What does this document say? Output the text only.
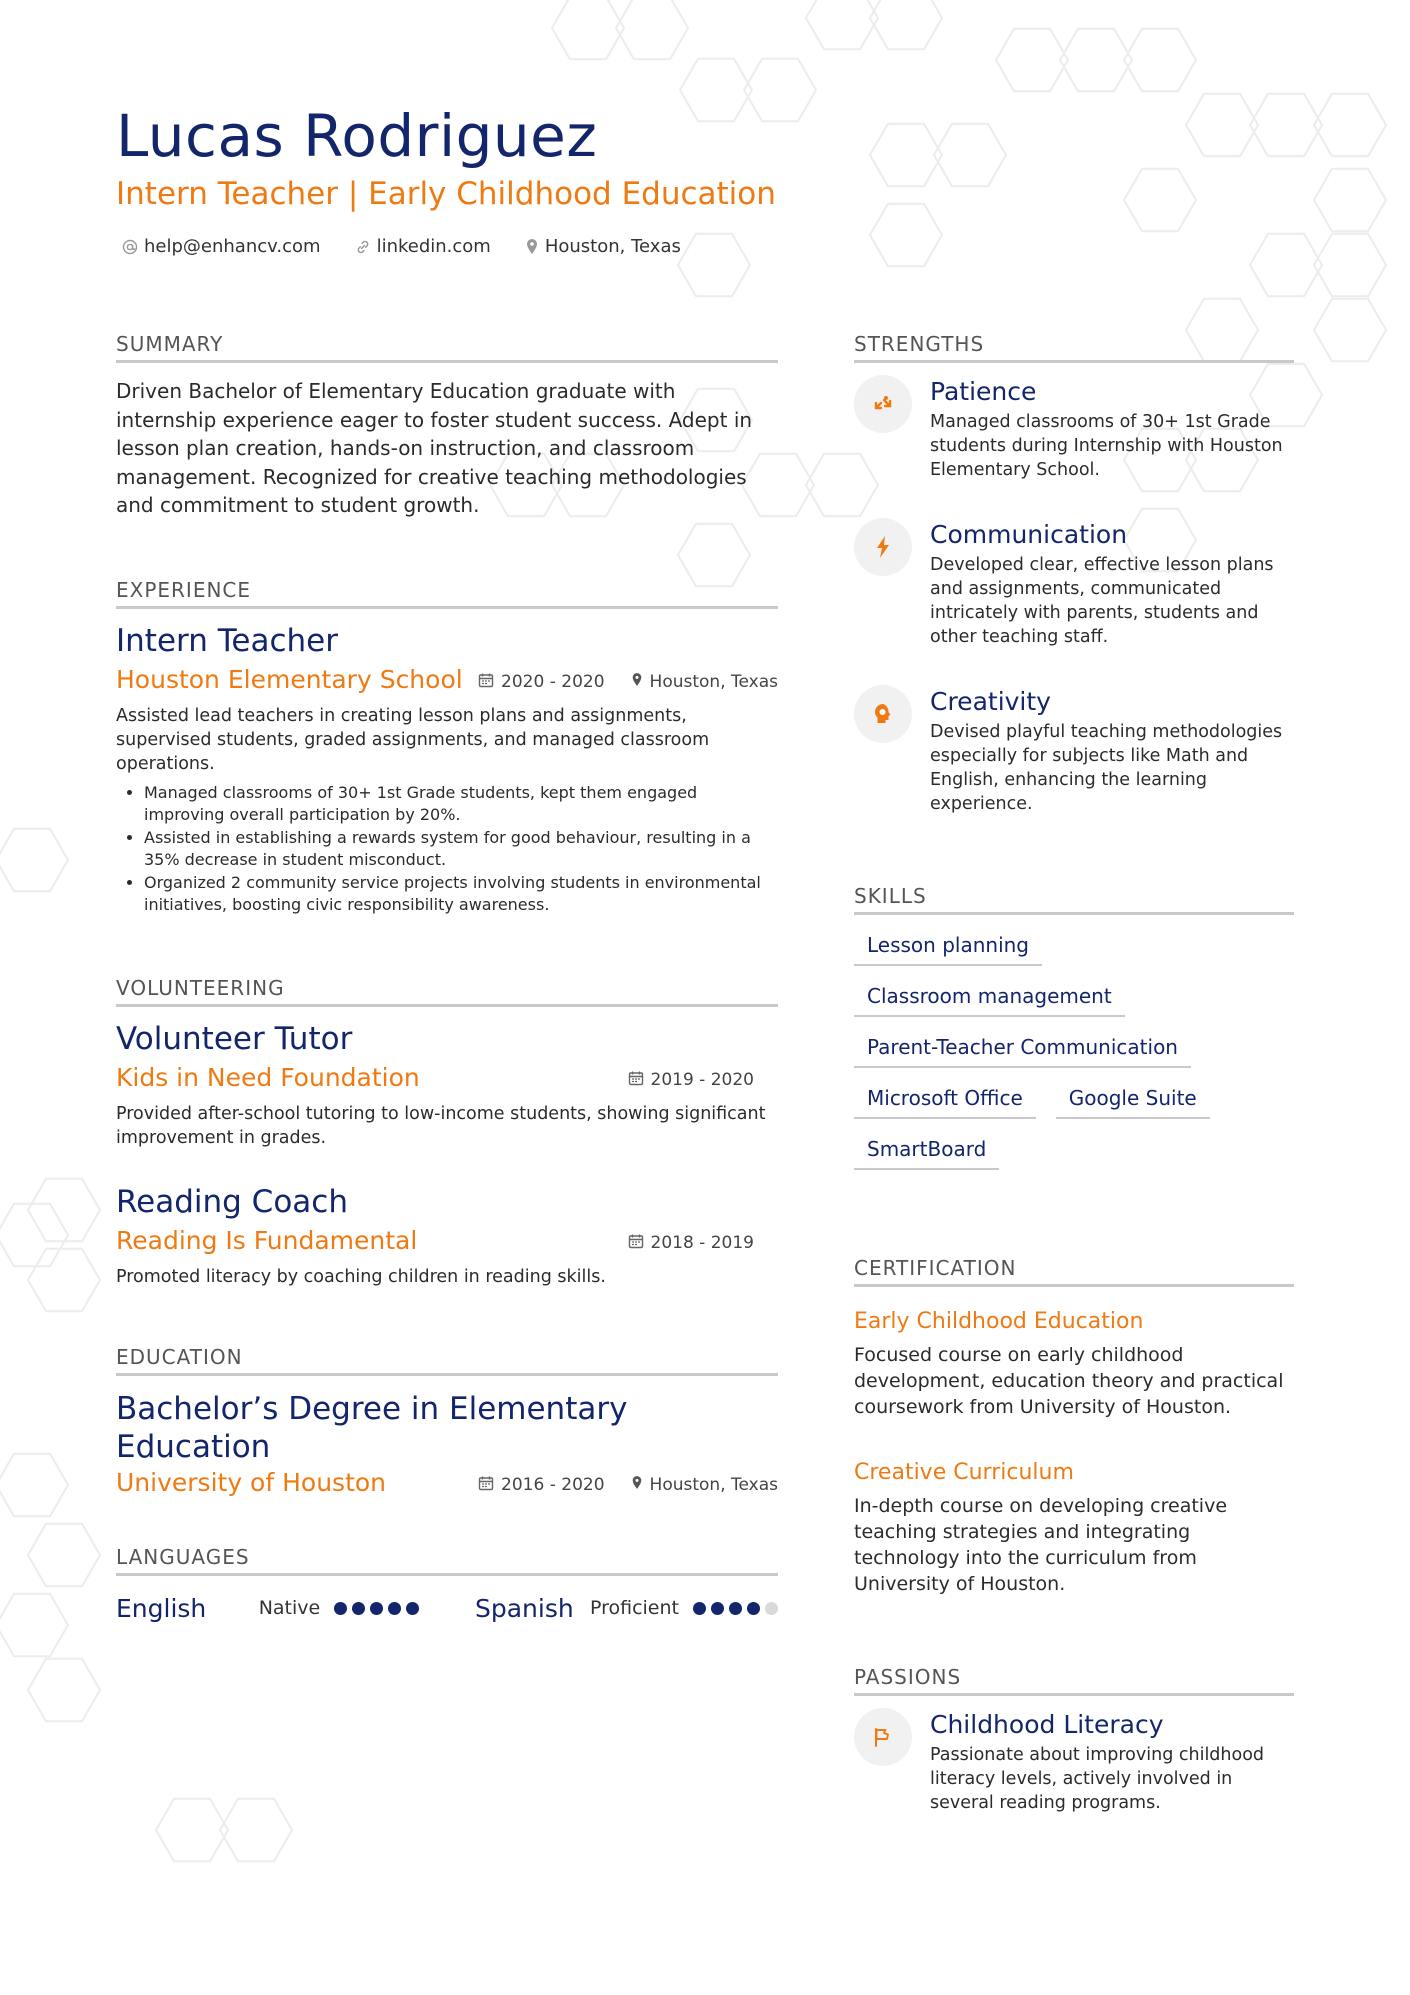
Lucas Rodriguez
Intern Teacher | Early Childhood Education
help@enhancv.com	linkedin.com	Houston, Texas
SUMMARY
Driven Bachelor of Elementary Education graduate with internship experience eager to foster student success. Adept in lesson plan creation, hands-on instruction, and classroom management. Recognized for creative teaching methodologies and commitment to student growth.
EXPERIENCE
Intern Teacher
Houston Elementary School 2020 - 2020	Houston, Texas
Assisted lead teachers in creating lesson plans and assignments, supervised students, graded assignments, and managed classroom operations.
• Managed classrooms of 30+ 1st Grade students, kept them engaged improving overall participation by 20%.
• Assisted in establishing a rewards system for good behaviour, resulting in a 35% decrease in student misconduct.
• Organized 2 community service projects involving students in environmental initiatives, boosting civic responsibility awareness.
VOLUNTEERING
Volunteer Tutor
Kids in Need Foundation	2019 - 2020
Provided after-school tutoring to low-income students, showing significant improvement in grades.
Reading Coach
Reading Is Fundamental	2018 - 2019
Promoted literacy by coaching children in reading skills.
EDUCATION
Bachelor’s Degree in Elementary
Education
University of Houston	2016 - 2020	Houston, Texas
LANGUAGES
English	Native	Spanish Proficient
STRENGTHS
Patience
Managed classrooms of 30+ 1st Grade students during Internship with Houston Elementary School.
Communication
Developed clear, effective lesson plans and assignments, communicated intricately with parents, students and other teaching staff.
Creativity
Devised playful teaching methodologies especially for subjects like Math and English, enhancing the learning experience.
SKILLS
Lesson planning
Classroom management
Parent-Teacher Communication
Microsoft Office	Google Suite
SmartBoard
CERTIFICATION
Early Childhood Education
Focused course on early childhood development, education theory and practical coursework from University of Houston.
Creative Curriculum
In-depth course on developing creative teaching strategies and integrating technology into the curriculum from University of Houston.
PASSIONS
Childhood Literacy
Passionate about improving childhood literacy levels, actively involved in several reading programs.
